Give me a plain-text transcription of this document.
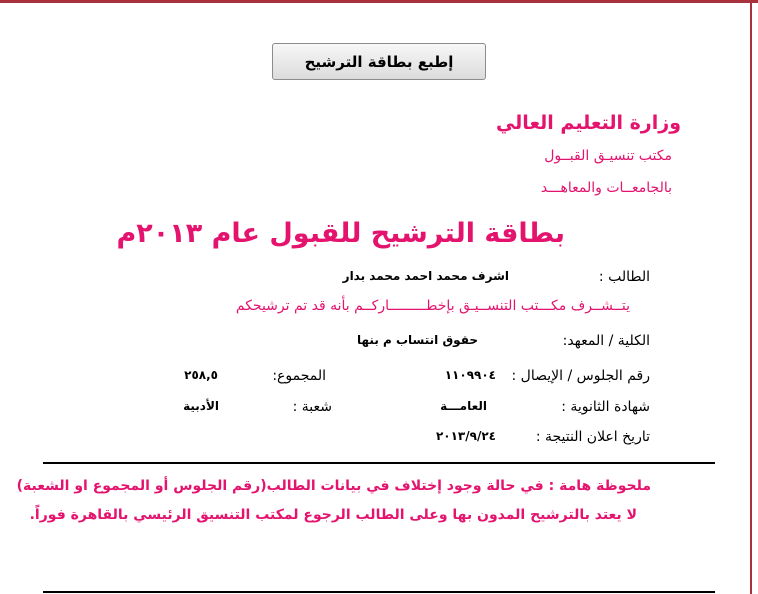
إطبع بطاقة الترشيح
وزارة التعليم العالي
مكتب تنسيـق القبــول
بالجامعــات والمعاهـــد
بطاقة الترشيح للقبول عام ٢٠١٣م
الطالب :
اشرف محمد احمد محمد بدار
يتــشــرف مكـــتب التنســيـق بإخطـــــــــاركــم بأنه قد تم ترشيحكم
الكلية / المعهد:
حقوق انتساب م بنها
رقم الجلوس / الإيصال :
١١٠٩٩٠٤
المجموع:
٢٥٨,٥
شهادة الثانوية :
العامـــة
شعبة :
الأدبية
تاريخ اعلان النتيجة :
٢٠١٣/٩/٢٤
ملحوظة هامة : في حالة وجود إختلاف في بيانات الطالب(رقم الجلوس أو المجموع او الشعبة)
لا يعتد بالترشيح المدون بها وعلى الطالب الرجوع لمكتب التنسيق الرئيسي بالقاهرة فوراً.
